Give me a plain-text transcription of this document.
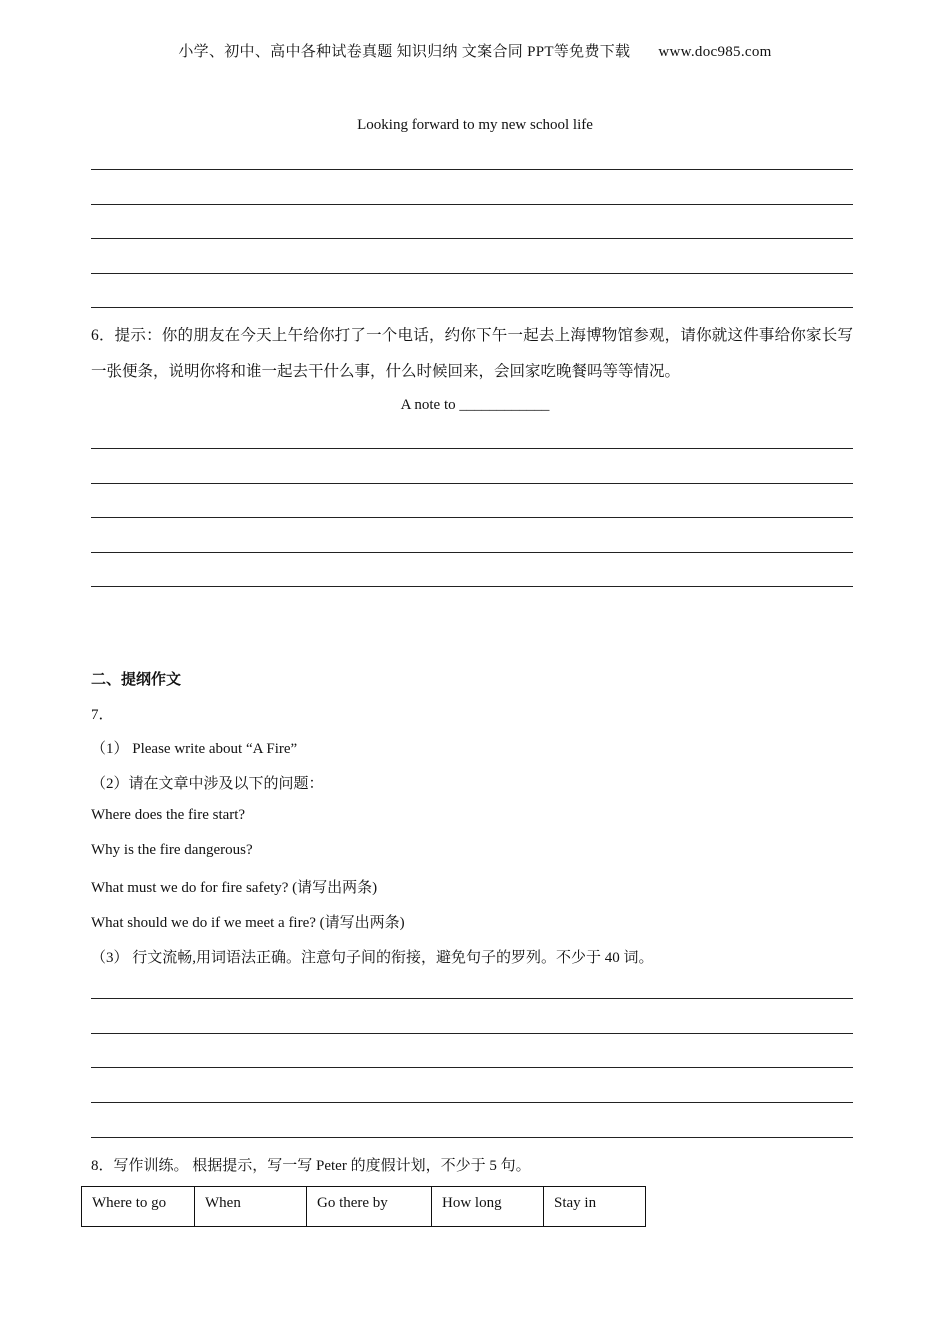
小学、初中、高中各种试卷真题 知识归纳 文案合同 PPT等免费下载 www.doc985.com
Looking forward to my new school life
6．提示：你的朋友在今天上午给你打了一个电话，约你下午一起去上海博物馆参观，请你就这件事给你家长写一张便条，说明你将和谁一起去干什么事，什么时候回来，会回家吃晚餐吗等等情况。
A note to ____________
二、提纲作文
7．
（1） Please write about “A Fire”
（2）请在文章中涉及以下的问题：
Where does the fire start?
Why is the fire dangerous?
What must we do for fire safety? (请写出两条)
What should we do if we meet a fire? (请写出两条)
（3） 行文流畅,用词语法正确。注意句子间的衔接，避免句子的罗列。不少于 40 词。
8．写作训练。 根据提示，写一写 Peter 的度假计划，不少于 5 句。
Where to go	When	Go there by	How long	Stay in
